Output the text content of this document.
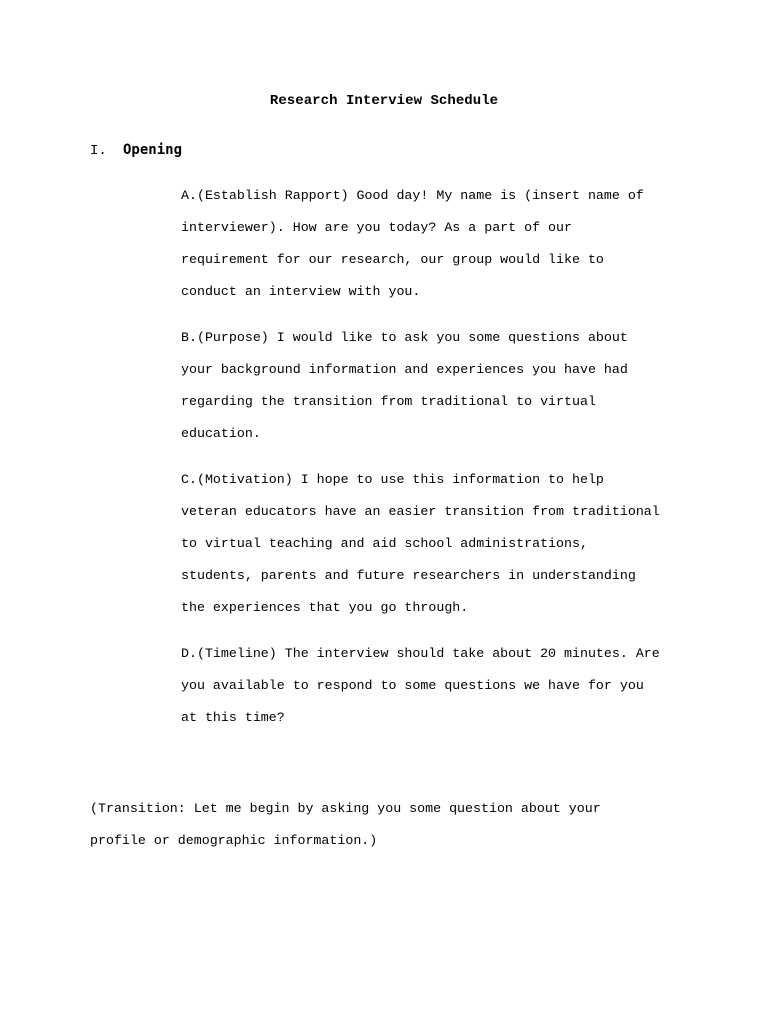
Research Interview Schedule
I. Opening

A.(Establish Rapport) Good day! My name is (insert name of
interviewer). How are you today? As a part of our
requirement for our research, our group would like to
conduct an interview with you.

B.(Purpose) I would like to ask you some questions about
your background information and experiences you have had
regarding the transition from traditional to virtual
education.

C.(Motivation) I hope to use this information to help
veteran educators have an easier transition from traditional
to virtual teaching and aid school administrations,
students, parents and future researchers in understanding
the experiences that you go through.

D.(Timeline) The interview should take about 20 minutes. Are
you available to respond to some questions we have for you
at this time?

(Transition: Let me begin by asking you some question about your
profile or demographic information.)
